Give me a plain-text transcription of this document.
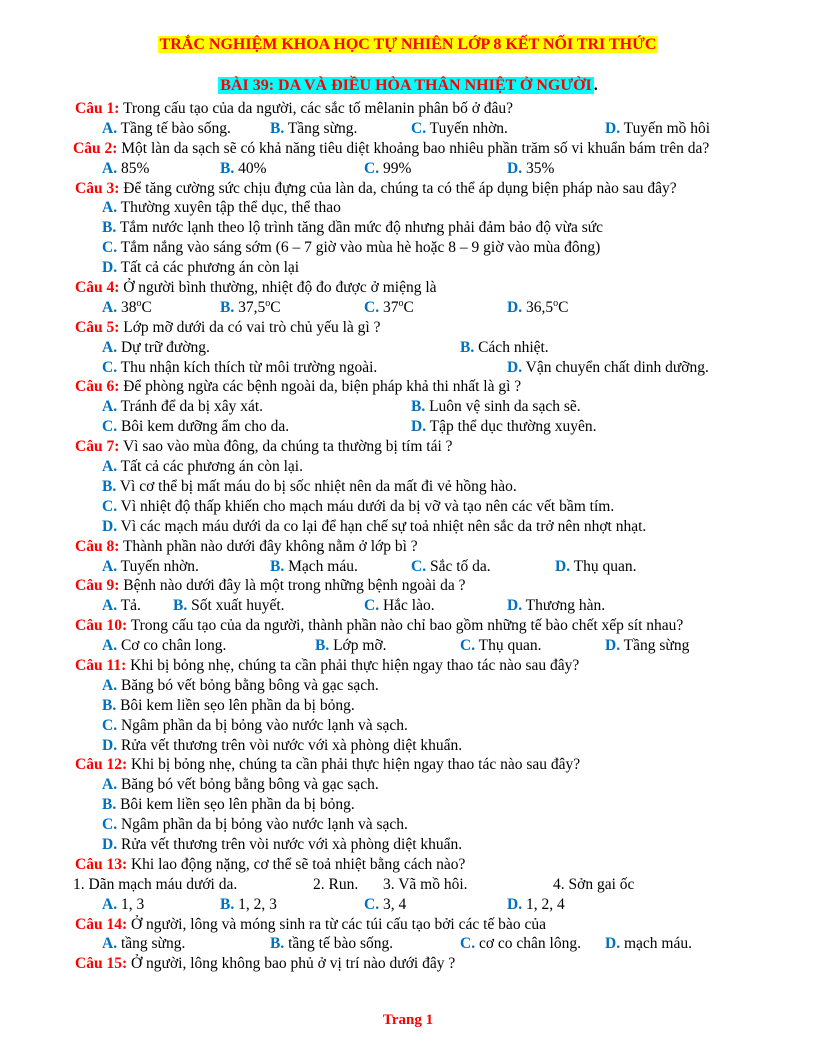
TRẮC NGHIỆM KHOA HỌC TỰ NHIÊN LỚP 8 KẾT NỐI TRI THỨC
BÀI 39: DA VÀ ĐIỀU HÒA THÂN NHIỆT Ở NGƯỜI .
Câu 1: Trong cấu tạo của da người, các sắc tố mêlanin phân bố ở đâu?
A. Tầng tế bào sống.	B. Tầng sừng.	C. Tuyến nhờn.	D. Tuyến mồ hôi
Câu 2: Một làn da sạch sẽ có khả năng tiêu diệt khoảng bao nhiêu phần trăm số vi khuẩn bám trên da?
A. 85%	B. 40%	C. 99%	D. 35%
Câu 3: Để tăng cường sức chịu đựng của làn da, chúng ta có thể áp dụng biện pháp nào sau đây?
A. Thường xuyên tập thể dục, thể thao
B. Tắm nước lạnh theo lộ trình tăng dần mức độ nhưng phải đảm bảo độ vừa sức
C. Tắm nắng vào sáng sớm (6 – 7 giờ vào mùa hè hoặc 8 – 9 giờ vào mùa đông)
D. Tất cả các phương án còn lại
Câu 4: Ở người bình thường, nhiệt độ đo được ở miệng là
A. 38$^o$C	B. 37,5$^o$C	C. 37$^o$C	D. 36,5$^o$C
Câu 5: Lớp mỡ dưới da có vai trò chủ yếu là gì ?
A. Dự trữ đường.	B. Cách nhiệt.
C. Thu nhận kích thích từ môi trường ngoài.	D. Vận chuyển chất dinh dưỡng.
Câu 6: Để phòng ngừa các bệnh ngoài da, biện pháp khả thi nhất là gì ?
A. Tránh để da bị xây xát.	B. Luôn vệ sinh da sạch sẽ.
C. Bôi kem dưỡng ẩm cho da.	D. Tập thể dục thường xuyên.
Câu 7: Vì sao vào mùa đông, da chúng ta thường bị tím tái ?
A. Tất cả các phương án còn lại.
B. Vì cơ thể bị mất máu do bị sốc nhiệt nên da mất đi vẻ hồng hào.
C. Vì nhiệt độ thấp khiến cho mạch máu dưới da bị vỡ và tạo nên các vết bầm tím.
D. Vì các mạch máu dưới da co lại để hạn chế sự toả nhiệt nên sắc da trở nên nhợt nhạt.
Câu 8: Thành phần nào dưới đây không nằm ở lớp bì ?
A. Tuyến nhờn.	B. Mạch máu.	C. Sắc tố da.	D. Thụ quan.
Câu 9: Bệnh nào dưới đây là một trong những bệnh ngoài da ?
A. Tả. B. Sốt xuất huyết.	C. Hắc lào.	D. Thương hàn.
Câu 10: Trong cấu tạo của da người, thành phần nào chỉ bao gồm những tế bào chết xếp sít nhau?
A. Cơ co chân long.	B. Lớp mỡ.	C. Thụ quan.	D. Tầng sừng
Câu 11: Khi bị bỏng nhẹ, chúng ta cần phải thực hiện ngay thao tác nào sau đây?
A. Băng bó vết bỏng bằng bông và gạc sạch.
B. Bôi kem liền sẹo lên phần da bị bỏng.
C. Ngâm phần da bị bỏng vào nước lạnh và sạch.
D. Rửa vết thương trên vòi nước với xà phòng diệt khuẩn.
Câu 12: Khi bị bỏng nhẹ, chúng ta cần phải thực hiện ngay thao tác nào sau đây?
A. Băng bó vết bỏng bằng bông và gạc sạch.
B. Bôi kem liền sẹo lên phần da bị bỏng.
C. Ngâm phần da bị bỏng vào nước lạnh và sạch.
D. Rửa vết thương trên vòi nước với xà phòng diệt khuẩn.
Câu 13: Khi lao động nặng, cơ thể sẽ toả nhiệt bằng cách nào?
1. Dãn mạch máu dưới da.	2. Run. 3. Vã mồ hôi.	4. Sởn gai ốc
A. 1, 3	B. 1, 2, 3	C. 3, 4	D. 1, 2, 4
Câu 14: Ở người, lông và móng sinh ra từ các túi cấu tạo bởi các tế bào của
A. tầng sừng.	B. tầng tế bào sống.	C. cơ co chân lông. D. mạch máu.
Câu 15: Ở người, lông không bao phủ ở vị trí nào dưới đây ?
Trang 1
